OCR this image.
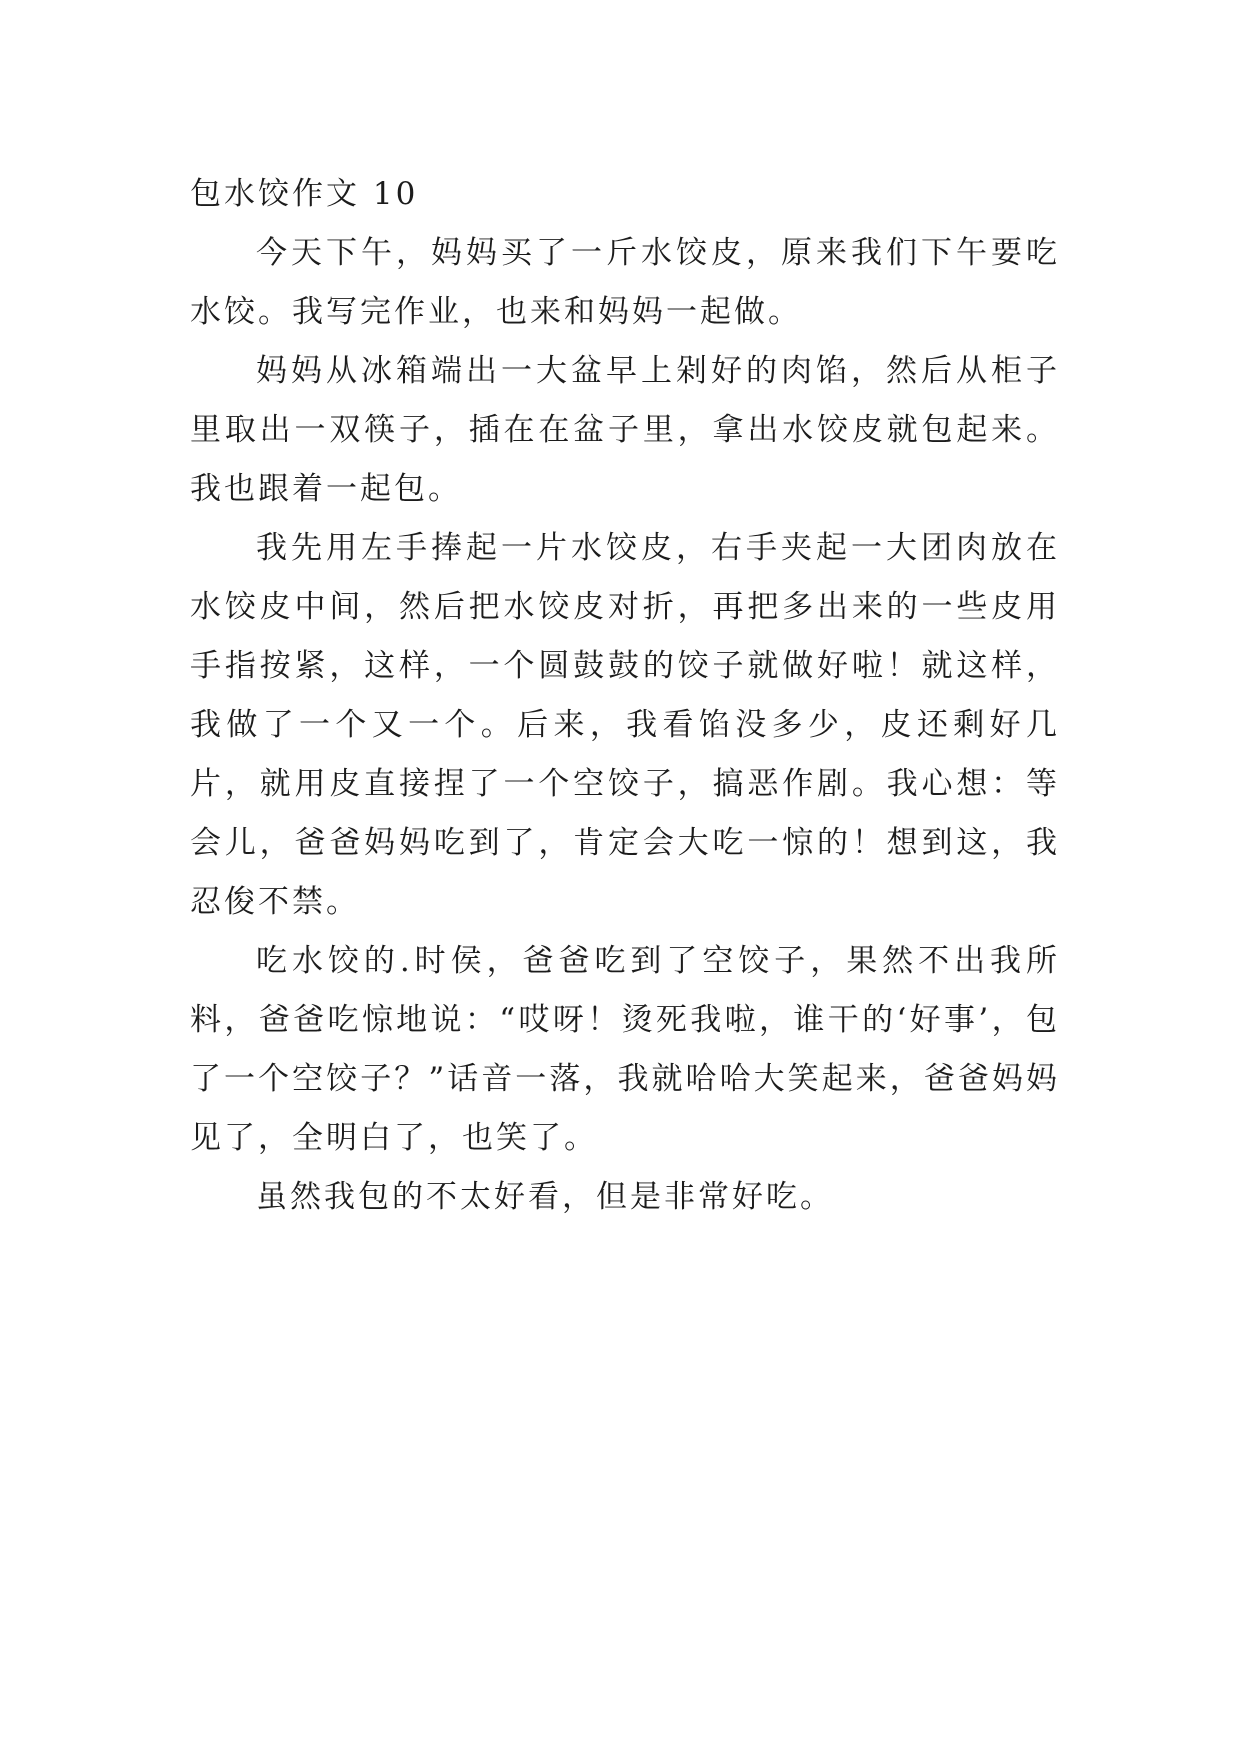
包水饺作文 10

今天下午，妈妈买了一斤水饺皮，原来我们下午要吃水饺。我写完作业，也来和妈妈一起做。

妈妈从冰箱端出一大盆早上剁好的肉馅，然后从柜子里取出一双筷子，插在在盆子里，拿出水饺皮就包起来。我也跟着一起包。

我先用左手捧起一片水饺皮，右手夹起一大团肉放在水饺皮中间，然后把水饺皮对折，再把多出来的一些皮用手指按紧，这样，一个圆鼓鼓的饺子就做好啦！就这样，我做了一个又一个。后来，我看馅没多少，皮还剩好几片，就用皮直接捏了一个空饺子，搞恶作剧。我心想：等会儿，爸爸妈妈吃到了，肯定会大吃一惊的！想到这，我忍俊不禁。

吃水饺的.时侯，爸爸吃到了空饺子，果然不出我所料，爸爸吃惊地说：“哎呀！烫死我啦，谁干的‘好事’，包了一个空饺子？”话音一落，我就哈哈大笑起来，爸爸妈妈见了，全明白了，也笑了。

虽然我包的不太好看，但是非常好吃。
